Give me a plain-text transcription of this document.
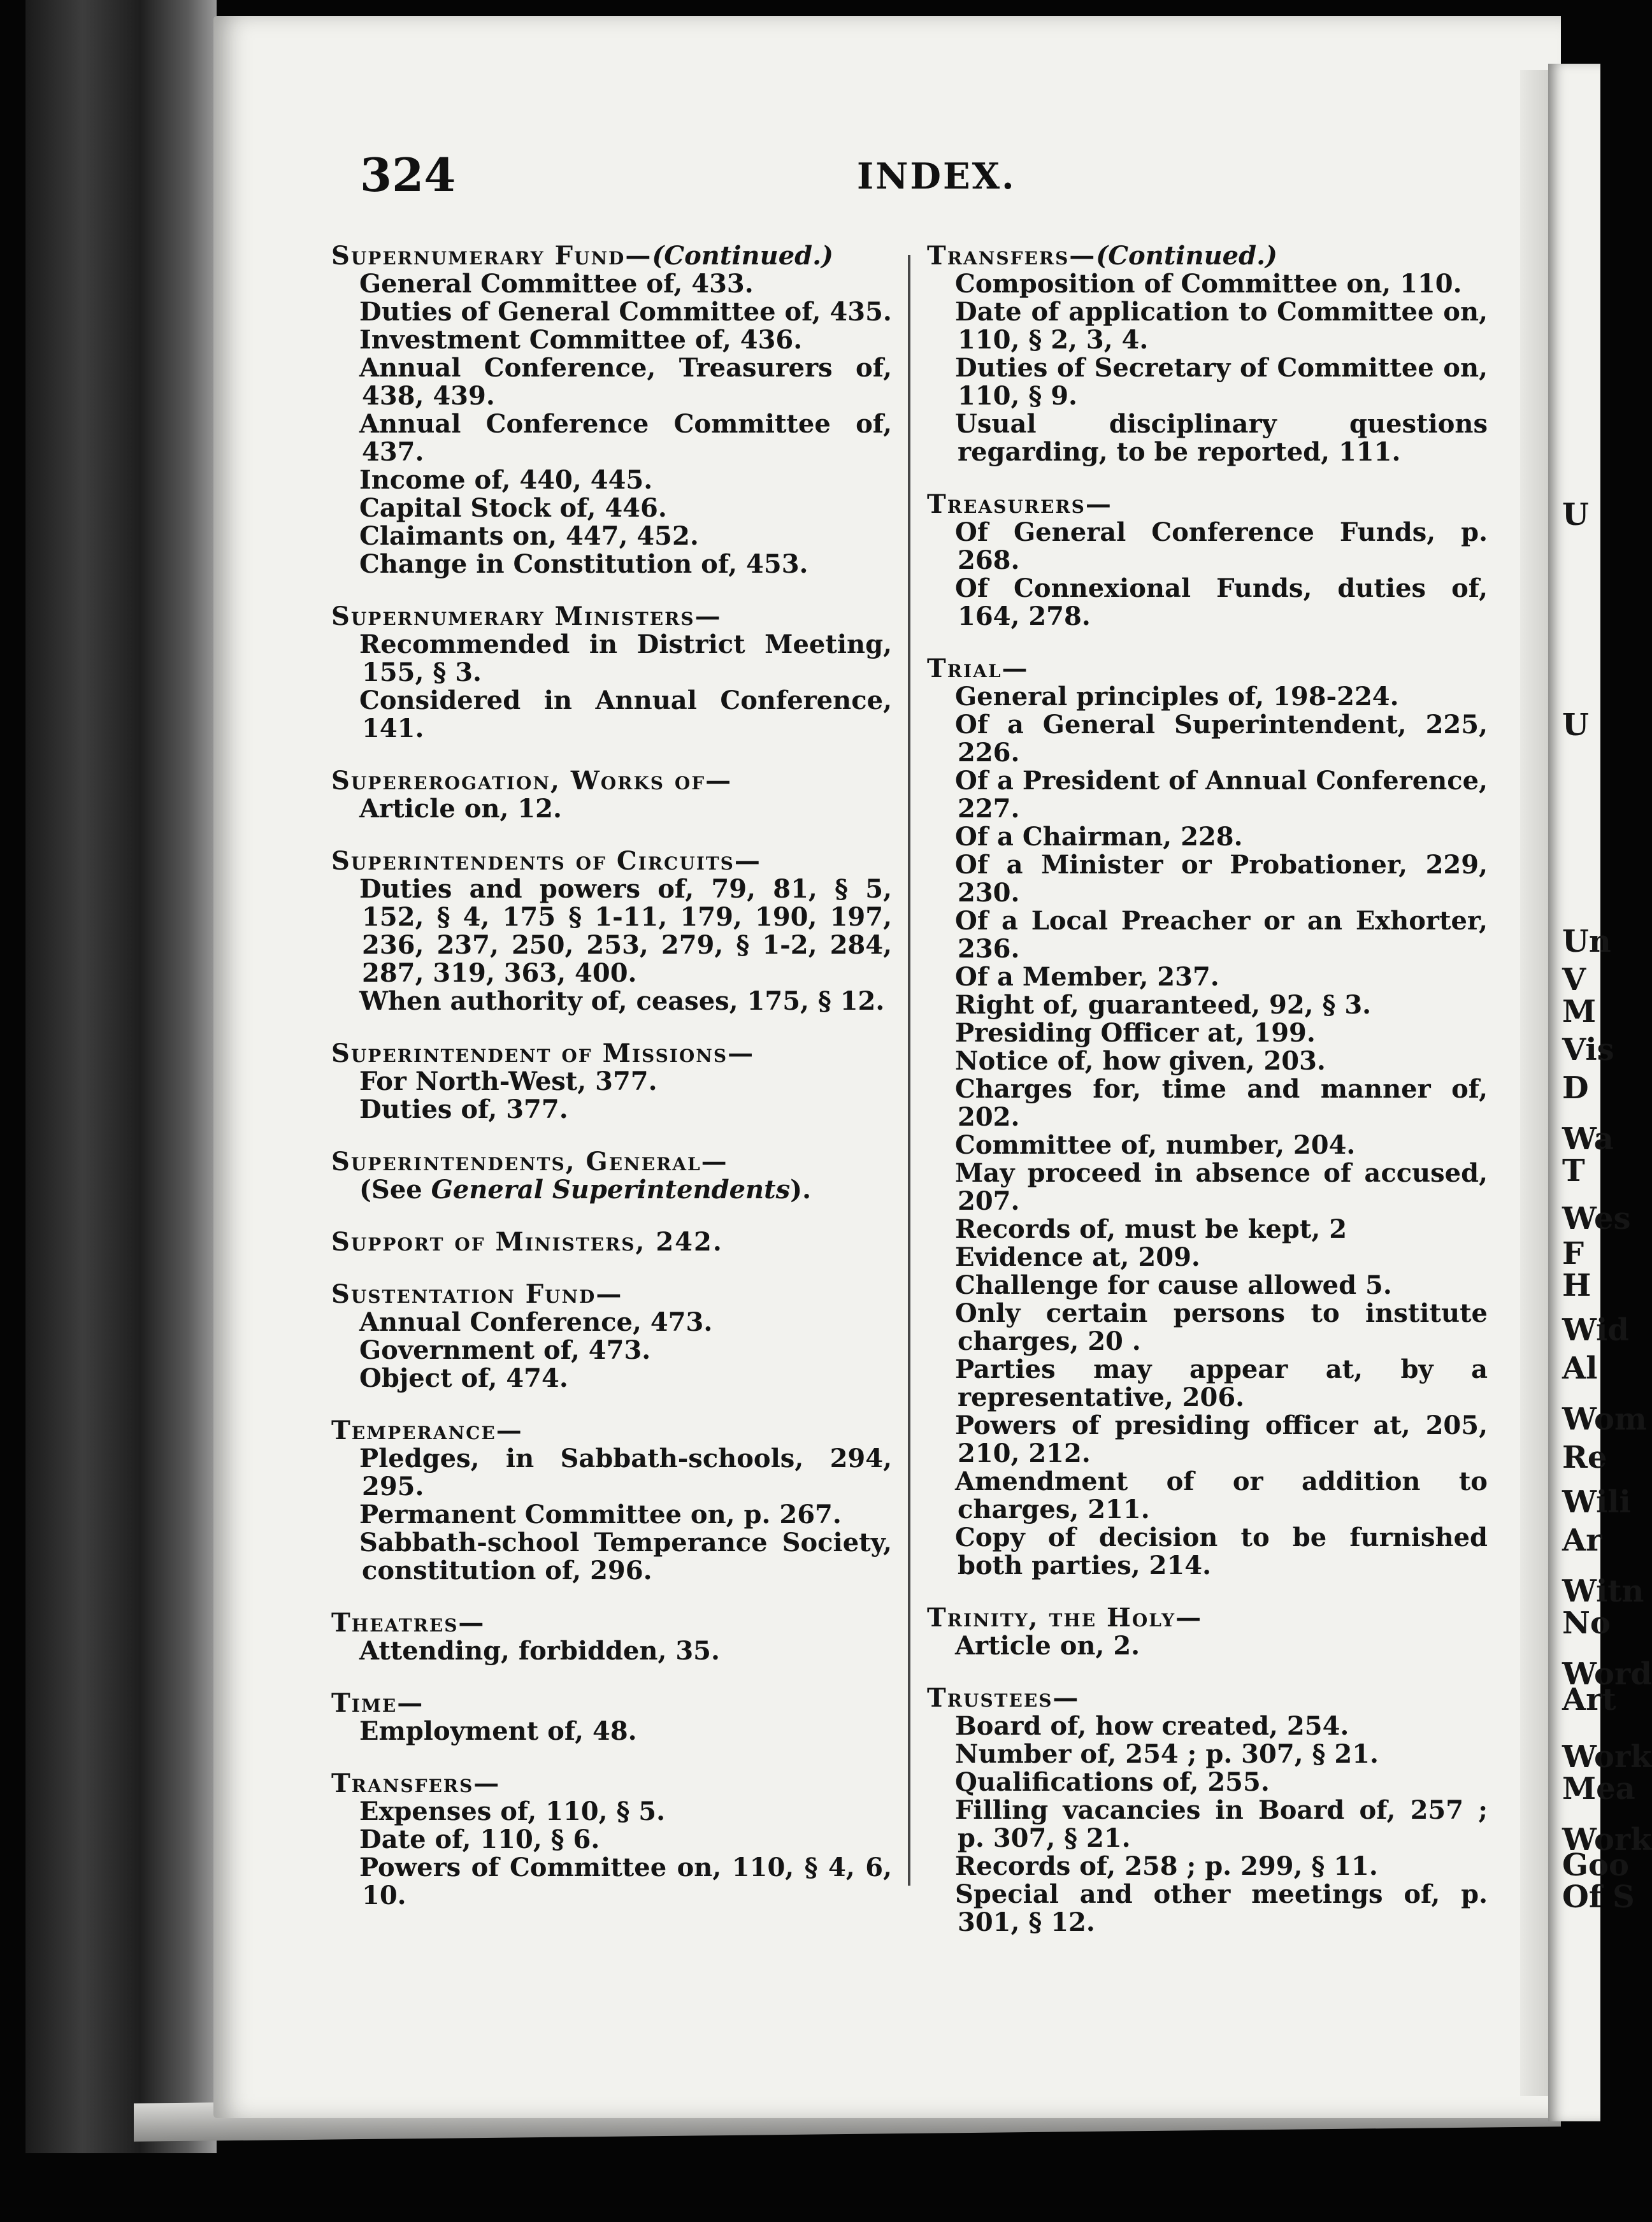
U
U
Un
V
M
Vis
D
Wa
T
Wes
F
H
Wid
Al
Wom
Re
Wili
Ar
Witn
No
Word
Art
Work
Mea
Work
Goo
Of S
324	INDEX.
Supernumerary Fund—(Continued.)
General Committee of, 433.
Duties of General Committee of, 435.
Investment Committee of, 436.
Annual Conference, Treasurers of, 438, 439.
Annual Conference Committee of, 437.
Income of, 440, 445.
Capital Stock of, 446.
Claimants on, 447, 452.
Change in Constitution of, 453.
Supernumerary Ministers—
Recommended in District Meeting, 155, § 3.
Considered in Annual Conference, 141.
Supererogation, Works of—
Article on, 12.
Superintendents of Circuits—
Duties and powers of, 79, 81, § 5, 152, § 4, 175 § 1-11, 179, 190, 197, 236, 237, 250, 253, 279, § 1-2, 284, 287, 319, 363, 400.
When authority of, ceases, 175, § 12.
Superintendent of Missions—
For North-West, 377.
Duties of, 377.
Superintendents, General—
(See General Superintendents).
Support of Ministers, 242.
Sustentation Fund—
Annual Conference, 473.
Government of, 473.
Object of, 474.
Temperance—
Pledges, in Sabbath-schools, 294, 295.
Permanent Committee on, p. 267.
Sabbath-school Temperance Society, constitution of, 296.
Theatres—
Attending, forbidden, 35.
Time—
Employment of, 48.
Transfers—
Expenses of, 110, § 5.
Date of, 110, § 6.
Powers of Committee on, 110, § 4, 6, 10.
Transfers—(Continued.)
Composition of Committee on, 110.
Date of application to Committee on, 110, § 2, 3, 4.
Duties of Secretary of Committee on, 110, § 9.
Usual disciplinary questions regarding, to be reported, 111.
Treasurers—
Of General Conference Funds, p. 268.
Of Connexional Funds, duties of, 164, 278.
Trial—
General principles of, 198-224.
Of a General Superintendent, 225, 226.
Of a President of Annual Conference, 227.
Of a Chairman, 228.
Of a Minister or Probationer, 229, 230.
Of a Local Preacher or an Exhorter, 236.
Of a Member, 237.
Right of, guaranteed, 92, § 3.
Presiding Officer at, 199.
Notice of, how given, 203.
Charges for, time and manner of, 202.
Committee of, number, 204.
May proceed in absence of accused, 207.
Records of, must be kept, 2
Evidence at, 209.
Challenge for cause allowed 5.
Only certain persons to institute charges, 20 .
Parties may appear at, by a representative, 206.
Powers of presiding officer at, 205, 210, 212.
Amendment of or addition to charges, 211.
Copy of decision to be furnished both parties, 214.
Trinity, the Holy—
Article on, 2.
Trustees—
Board of, how created, 254.
Number of, 254 ; p. 307, § 21.
Qualifications of, 255.
Filling vacancies in Board of, 257 ; p. 307, § 21.
Records of, 258 ; p. 299, § 11.
Special and other meetings of, p. 301, § 12.
